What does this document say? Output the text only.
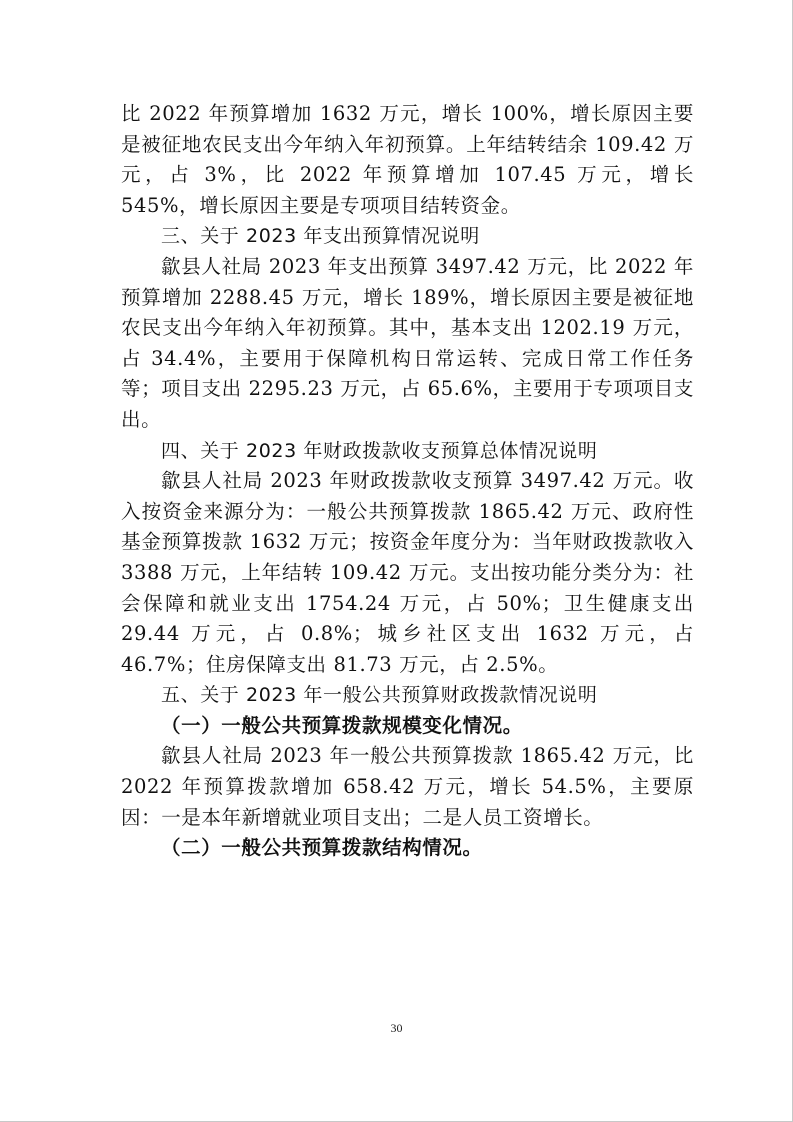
比 2022 年预算增加 1632 万元，增长 100%，增长原因主要是被征地农民支出今年纳入年初预算。上年结转结余 109.42 万元，占 3%，比 2022 年预算增加 107.45 万元，增长 545%，增长原因主要是专项项目结转资金。

三、关于 2023 年支出预算情况说明

歙县人社局 2023 年支出预算 3497.42 万元，比 2022 年预算增加 2288.45 万元，增长 189%，增长原因主要是被征地农民支出今年纳入年初预算。其中，基本支出 1202.19 万元，占 34.4%，主要用于保障机构日常运转、完成日常工作任务等；项目支出 2295.23 万元，占 65.6%，主要用于专项项目支出。

四、关于 2023 年财政拨款收支预算总体情况说明

歙县人社局 2023 年财政拨款收支预算 3497.42 万元。收入按资金来源分为：一般公共预算拨款 1865.42 万元、政府性基金预算拨款 1632 万元；按资金年度分为：当年财政拨款收入 3388 万元，上年结转 109.42 万元。支出按功能分类分为：社会保障和就业支出 1754.24 万元，占 50%；卫生健康支出 29.44 万元，占 0.8%；城乡社区支出 1632 万元，占 46.7%；住房保障支出 81.73 万元，占 2.5%。

五、关于 2023 年一般公共预算财政拨款情况说明

（一）一般公共预算拨款规模变化情况。

歙县人社局 2023 年一般公共预算拨款 1865.42 万元，比 2022 年预算拨款增加 658.42 万元，增长 54.5%，主要原因：一是本年新增就业项目支出；二是人员工资增长。

（二）一般公共预算拨款结构情况。

30
